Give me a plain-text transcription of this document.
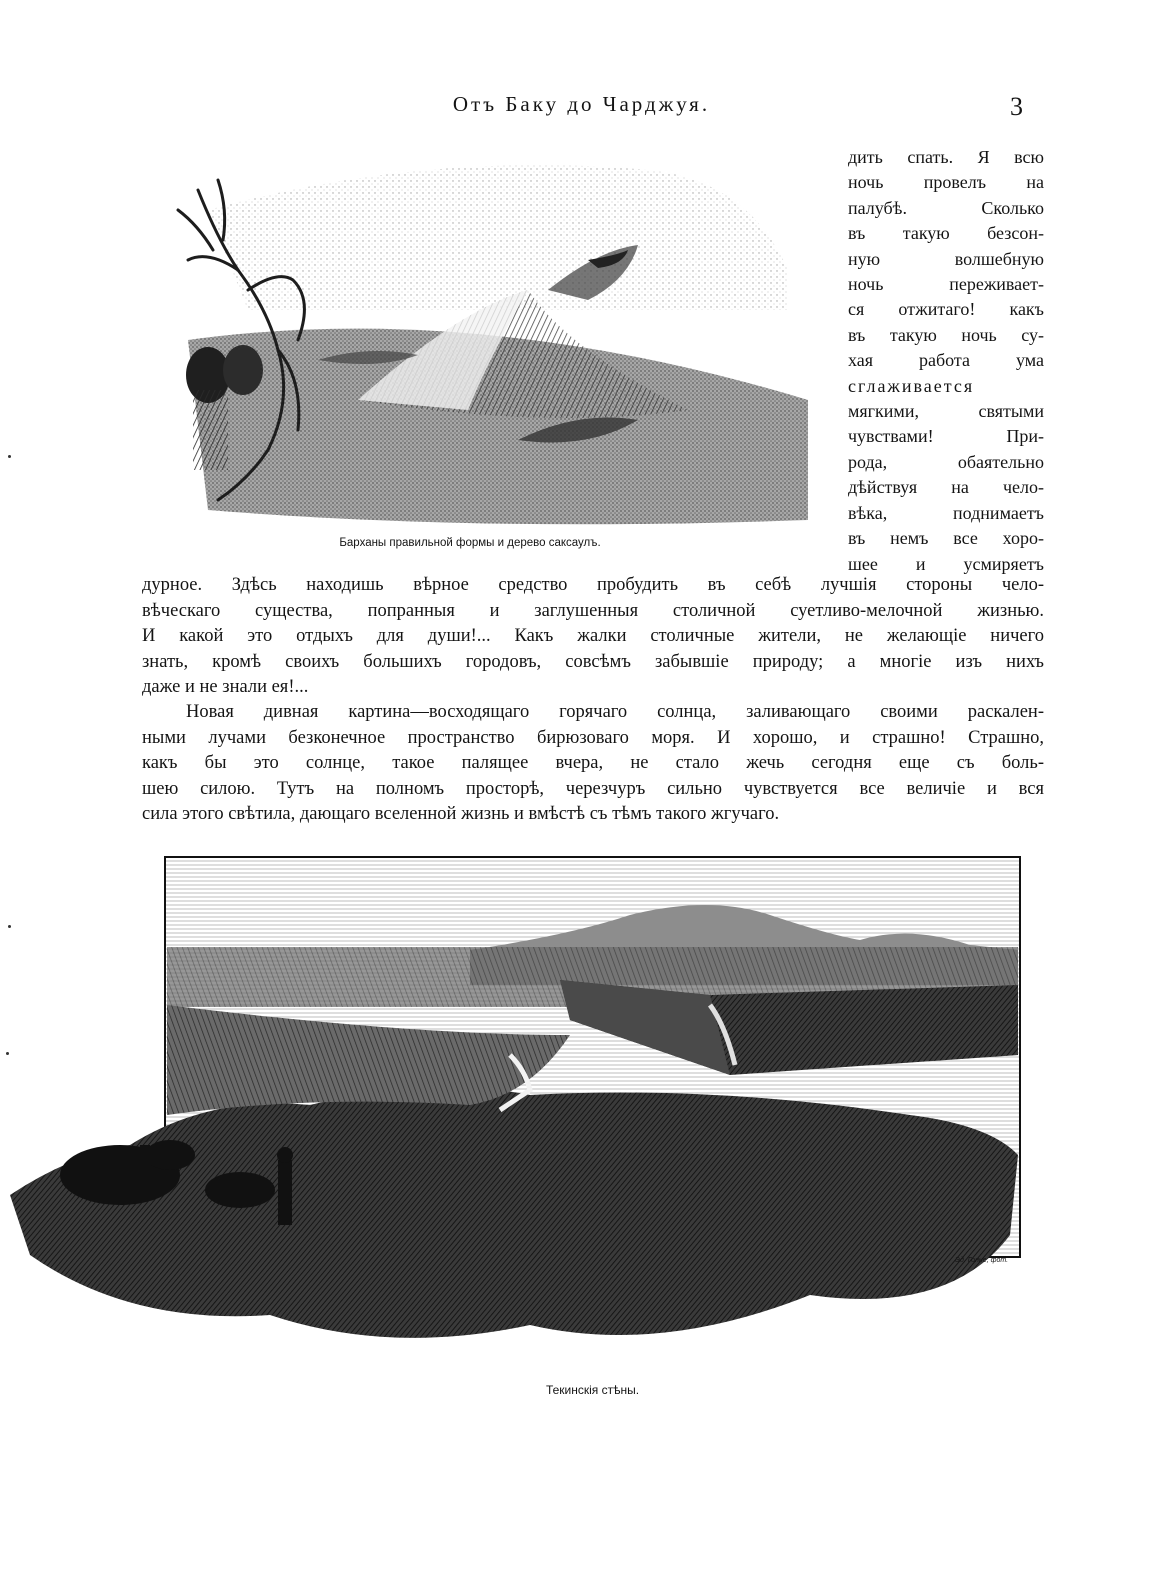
Отъ Баку до Чарджуя.	3
Барханы правильной формы и дерево саксаулъ.
дить спать. Я всю
ночь провелъ на
палубѣ. Сколько
въ такую безсон-
ную волшебную
ночь переживает-
ся отжитаго! какъ
въ такую ночь су-
хая работа ума
сглаживается
мягкими, святыми
чувствами! При-
рода, обаятельно
дѣйствуя на чело-
вѣка, поднимаетъ
въ немъ все хоро-
шее и усмиряетъ
дурное. Здѣсь находишь вѣрное средство пробудить въ себѣ лучшія стороны чело-
вѣческаго существа, попранныя и заглушенныя столичной суетливо-мелочной жизнью.
И какой это отдыхъ для души!... Какъ жалки столичные жители, не желающіе ничего
знать, кромѣ своихъ большихъ городовъ, совсѣмъ забывшіе природу; а многіе изъ нихъ
даже и не знали ея!...
Новая дивная картина—восходящаго горячаго солнца, заливающаго своими раскален-
ными лучами безконечное пространство бирюзоваго моря. И хорошо, и страшно! Страшно,
какъ бы это солнце, такое палящее вчера, не стало жечь сегодня еще съ боль-
шею силою. Тутъ на полномъ просторѣ, черезчуръ сильно чувствуется все величіе и вся
сила этого свѣтила, дающаго вселенной жизнь и вмѣстѣ съ тѣмъ такого жгучаго.
Эд. Гонне, фот.
Текинскія стѣны.
